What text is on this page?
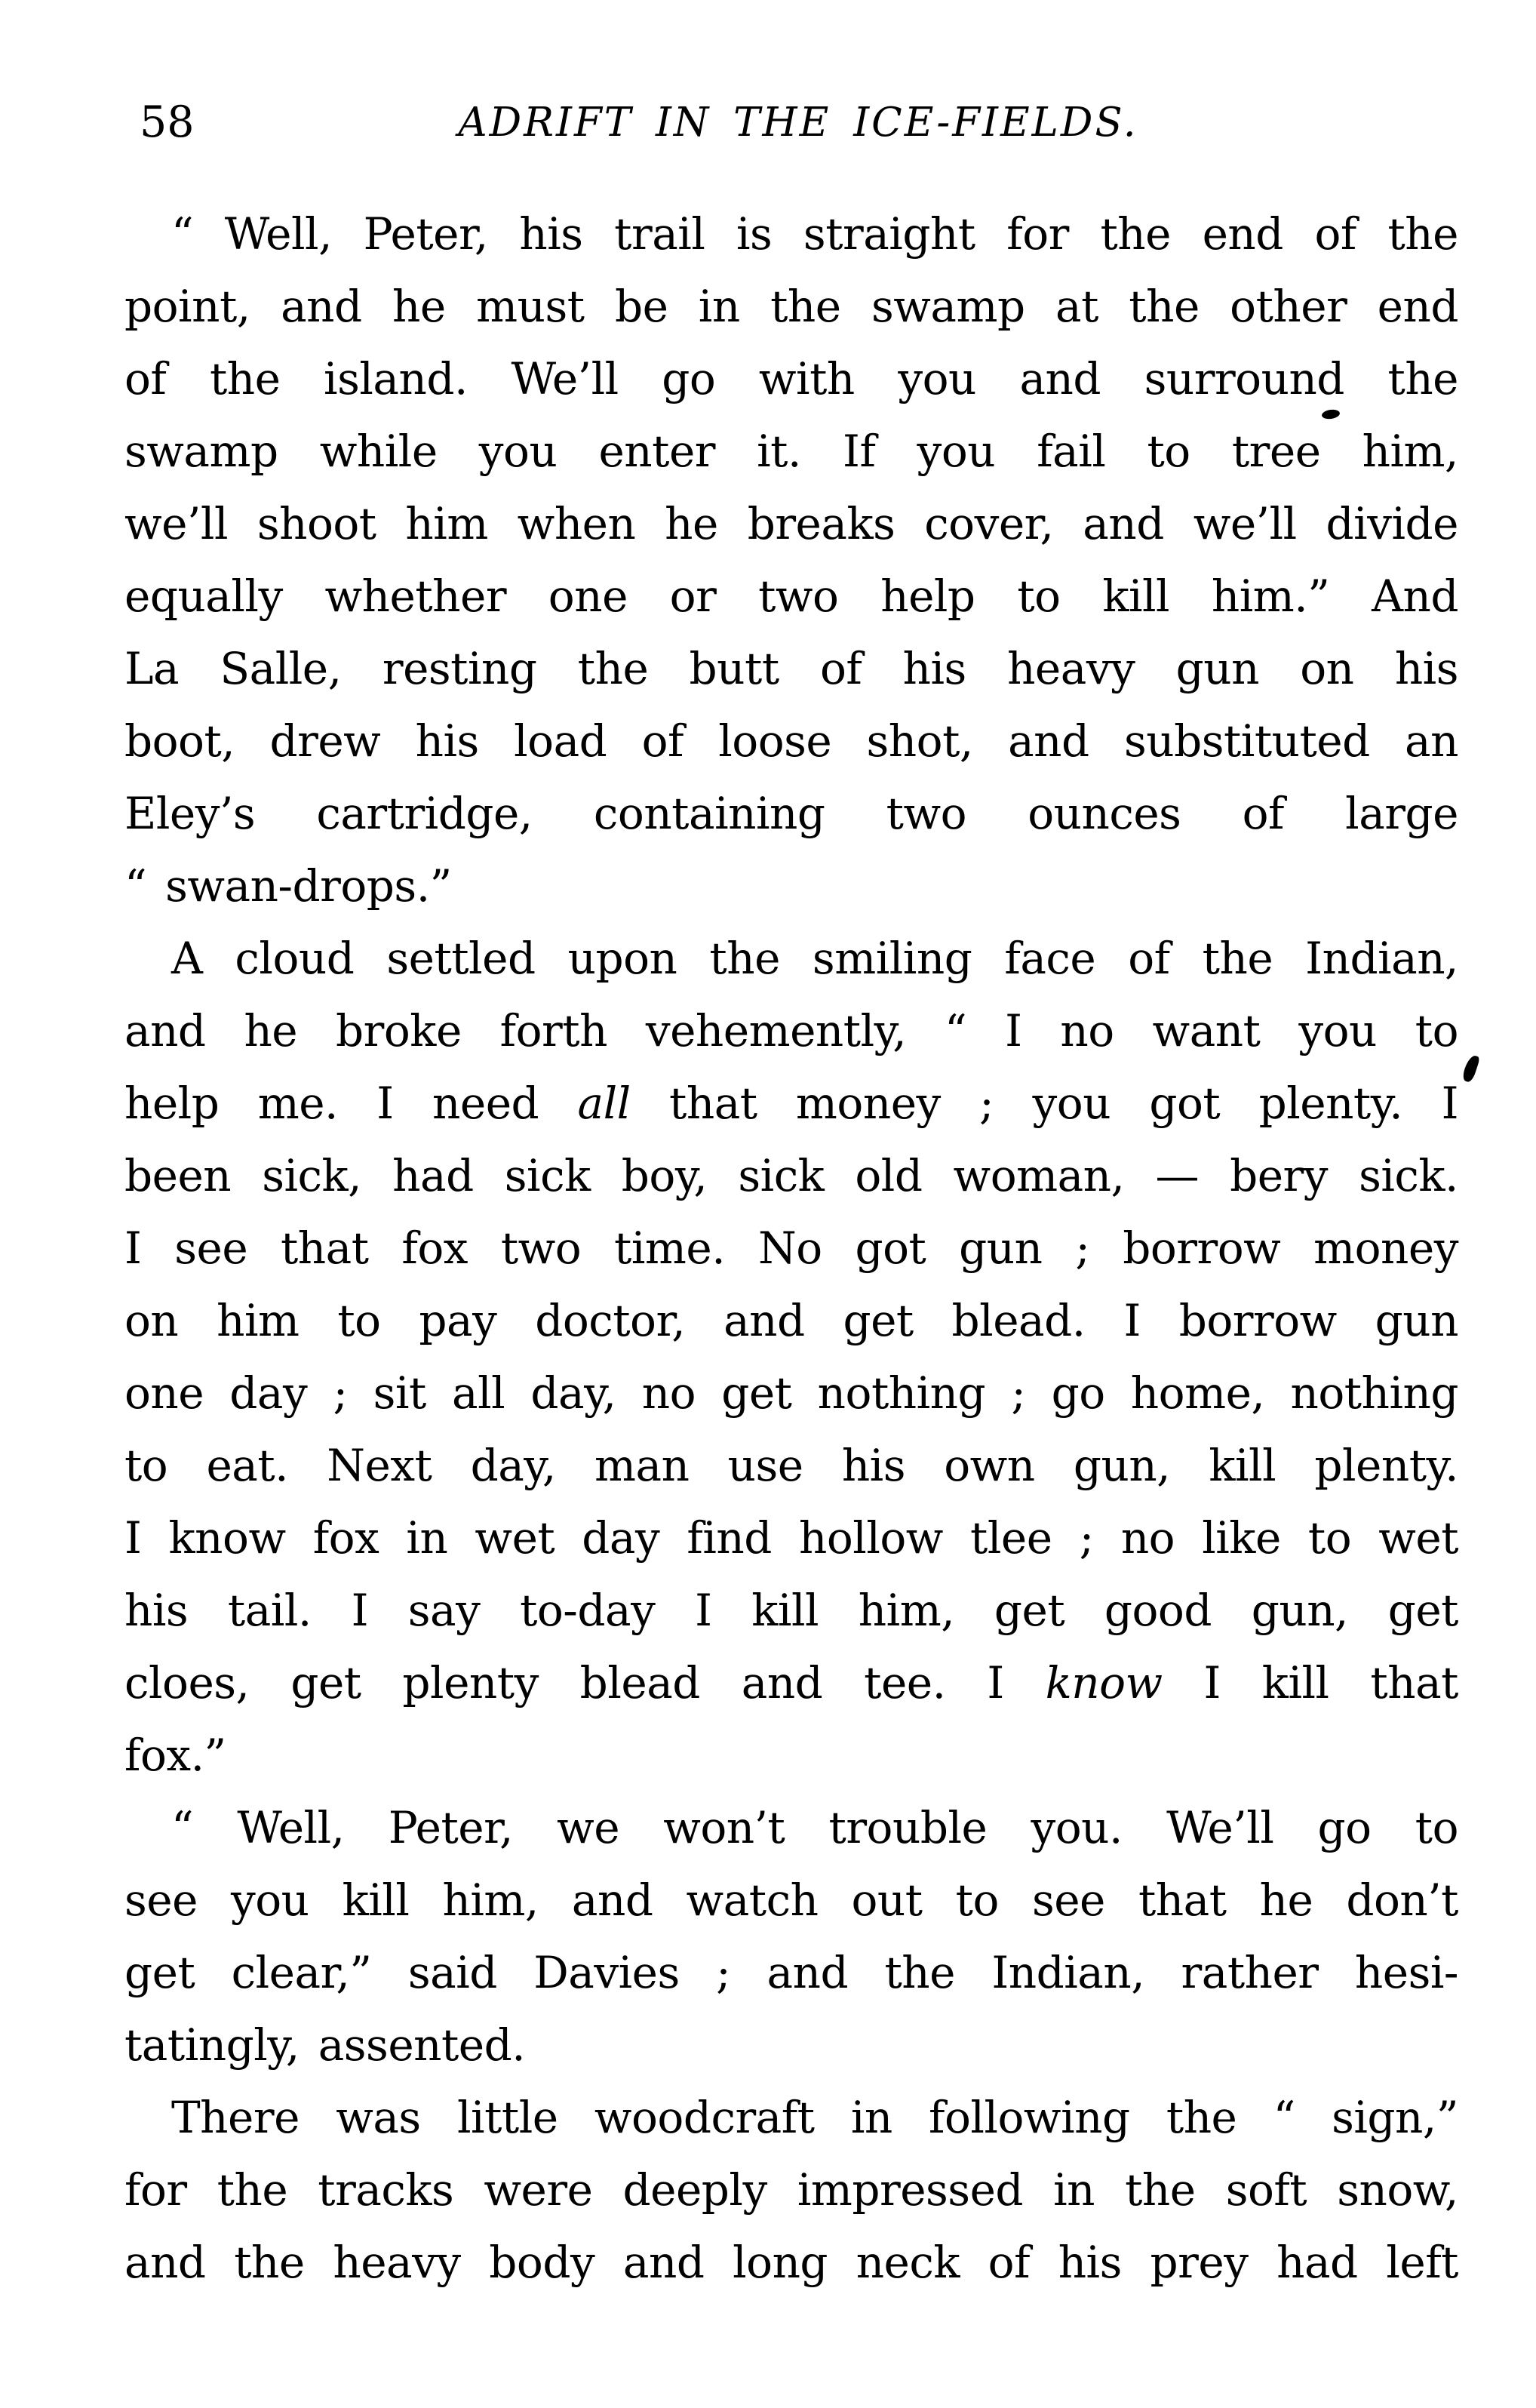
58	ADRIFT IN THE ICE-FIELDS.
“ Well, Peter, his trail is straight for the end of the
point, and he must be in the swamp at the other end
of the island. We’ll go with you and surround the
swamp while you enter it. If you fail to tree him,
we’ll shoot him when he breaks cover, and we’ll divide
equally whether one or two help to kill him.” And
La Salle, resting the butt of his heavy gun on his
boot, drew his load of loose shot, and substituted an
Eley’s cartridge, containing two ounces of large
“ swan-drops.”
A cloud settled upon the smiling face of the Indian,
and he broke forth vehemently, “ I no want you to
help me. I need all that money ; you got plenty. I
been sick, had sick boy, sick old woman, — bery sick.
I see that fox two time. No got gun ; borrow money
on him to pay doctor, and get blead. I borrow gun
one day ; sit all day, no get nothing ; go home, nothing
to eat. Next day, man use his own gun, kill plenty.
I know fox in wet day find hollow tlee ; no like to wet
his tail. I say to-day I kill him, get good gun, get
cloes, get plenty blead and tee. I know I kill that
fox.”
“ Well, Peter, we won’t trouble you. We’ll go to
see you kill him, and watch out to see that he don’t
get clear,” said Davies ; and the Indian, rather hesi-
tatingly, assented.
There was little woodcraft in following the “ sign,”
for the tracks were deeply impressed in the soft snow,
and the heavy body and long neck of his prey had left
